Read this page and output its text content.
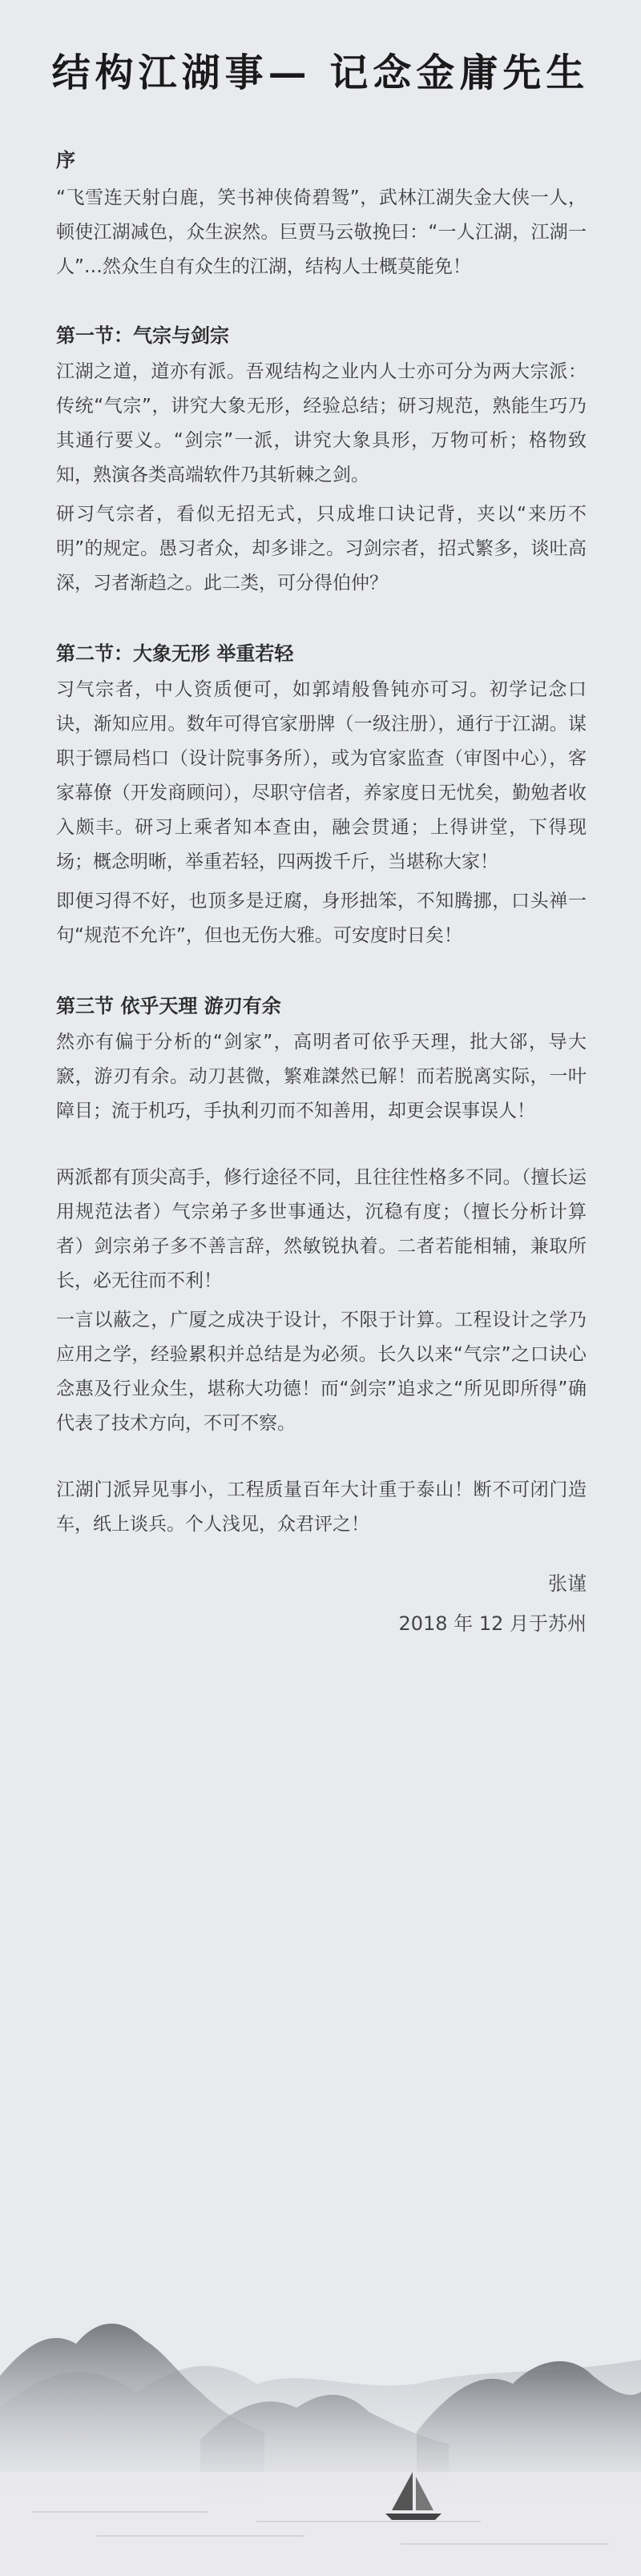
结构江湖事— 记念金庸先生

序

“飞雪连天射白鹿，笑书神侠倚碧鸳”，武林江湖失金大侠一人，顿使江湖减色，众生涙然。巨贾马云敬挽曰：“一人江湖，江湖一人”…然众生自有众生的江湖，结构人士概莫能免！

第一节：气宗与剑宗

江湖之道，道亦有派。吾观结构之业内人士亦可分为两大宗派：传统“气宗”，讲究大象无形，经验总结；研习规范，熟能生巧乃其通行要义。“剑宗”一派，讲究大象具形，万物可析；格物致知，熟演各类高端软件乃其斩棘之剑。

研习气宗者，看似无招无式，只成堆口诀记背，夹以“来历不明”的规定。愚习者众，却多诽之。习剑宗者，招式繁多，谈吐高深，习者渐趋之。此二类，可分得伯仲？

第二节：大象无形 举重若轻

习气宗者，中人资质便可，如郭靖般鲁钝亦可习。初学记念口诀，渐知应用。数年可得官家册牌（一级注册），通行于江湖。谋职于镖局档口（设计院事务所），或为官家监查（审图中心），客家幕僚（开发商顾问），尽职守信者，养家度日无忧矣，勤勉者收入颇丰。研习上乘者知本查由，融会贯通；上得讲堂，下得现场；概念明晰，举重若轻，四两拨千斤，当堪称大家！

即便习得不好，也顶多是迂腐，身形拙笨，不知腾挪，口头禅一句“规范不允许”，但也无伤大雅。可安度时日矣！

第三节 依乎天理 游刃有余

然亦有偏于分析的“剑家”，高明者可依乎天理，批大郤，导大窾，游刃有余。动刀甚微，繁难謋然已解！而若脱离实际，一叶障目；流于机巧，手执利刃而不知善用，却更会误事误人！

两派都有顶尖高手，修行途径不同，且往往性格多不同。（擅长运用规范法者）气宗弟子多世事通达，沉稳有度；（擅长分析计算者）剑宗弟子多不善言辞，然敏锐执着。二者若能相辅，兼取所长，必无往而不利！

一言以蔽之，广厦之成决于设计，不限于计算。工程设计之学乃应用之学，经验累积并总结是为必须。长久以来“气宗”之口诀心念惠及行业众生，堪称大功德！而“剑宗”追求之“所见即所得”确代表了技术方向，不可不察。

江湖门派异见事小，工程质量百年大计重于泰山！断不可闭门造车，纸上谈兵。个人浅见，众君评之！

张谨

2018 年 12 月于苏州
